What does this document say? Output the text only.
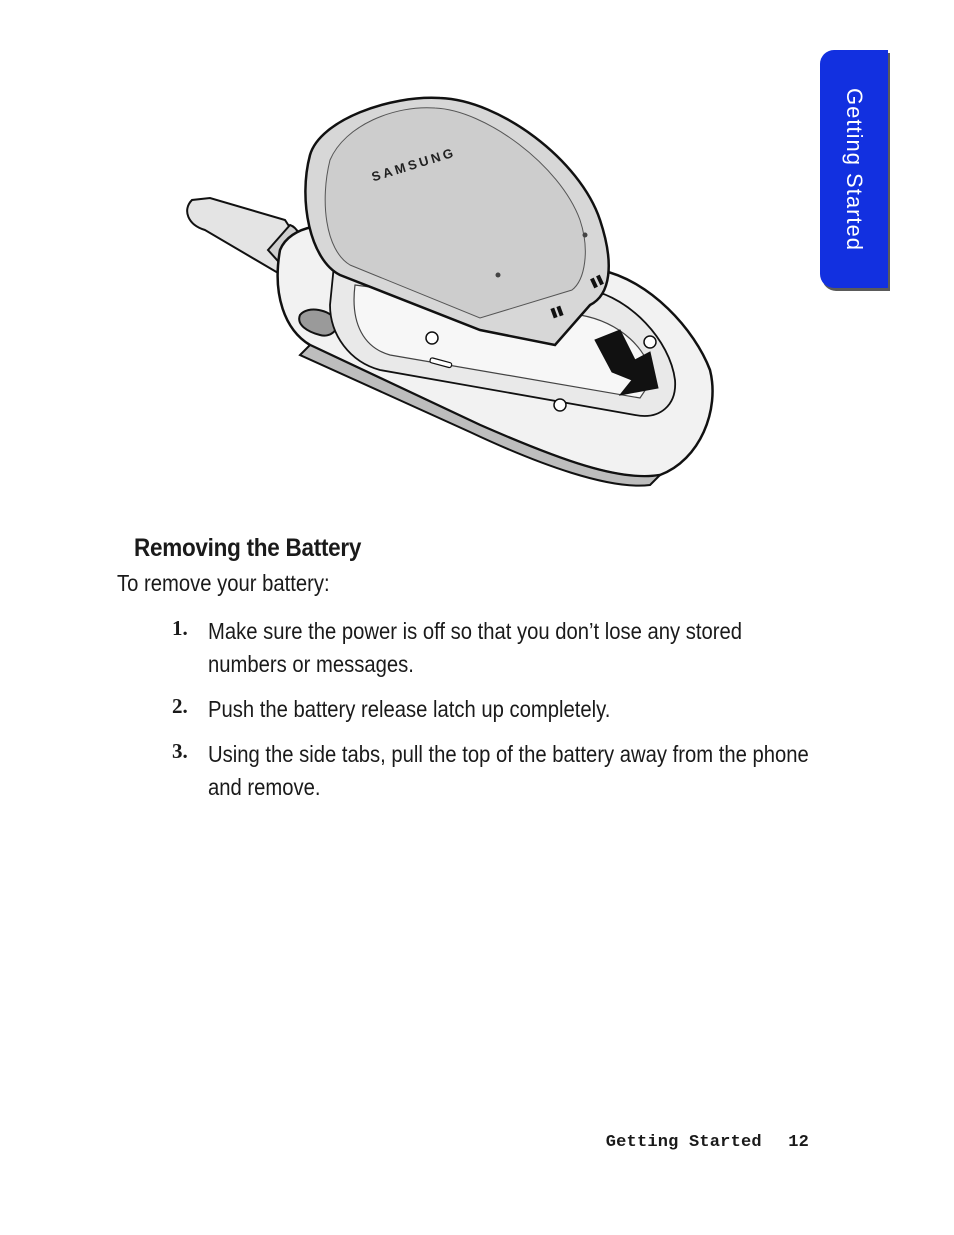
Getting Started
SAMSUNG
Removing the Battery

To remove your battery:

1. Make sure the power is off so that you don’t lose any stored numbers or messages.
2. Push the battery release latch up completely.
3. Using the side tabs, pull the top of the battery away from the phone and remove.
Getting Started 12
